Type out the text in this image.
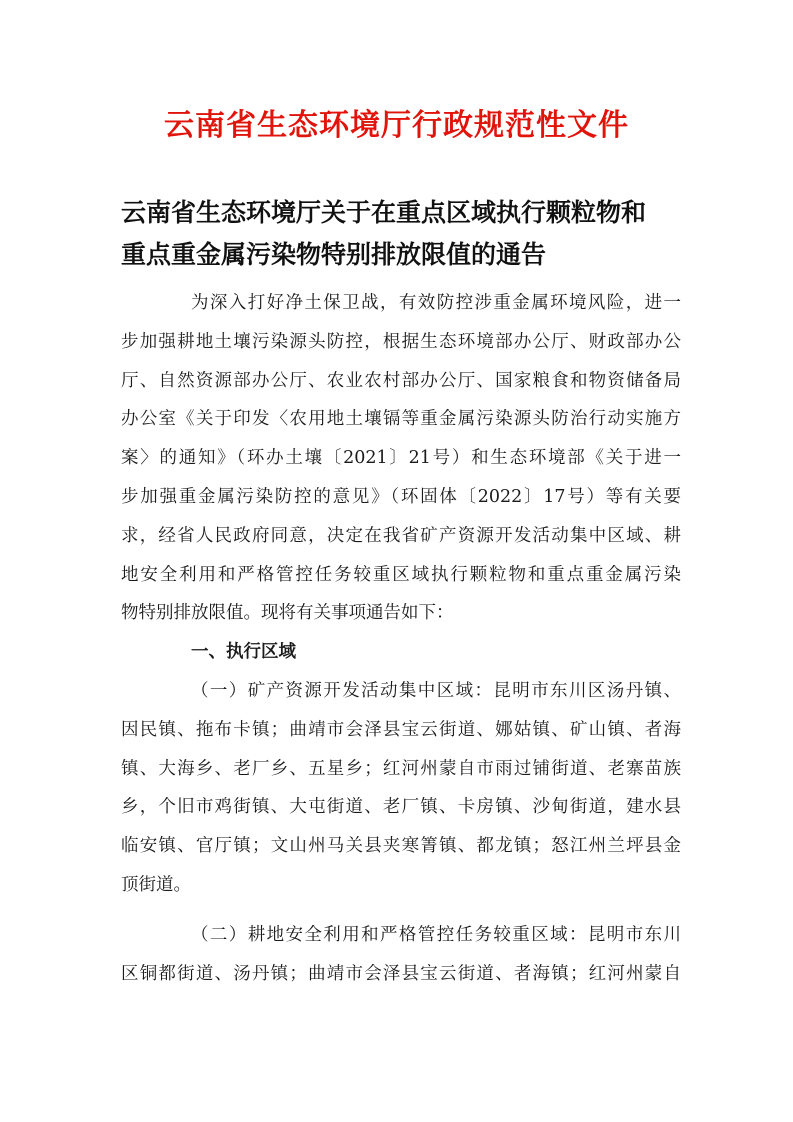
云南省生态环境厅行政规范性文件
云南省生态环境厅关于在重点区域执行颗粒物和
重点重金属污染物特别排放限值的通告
为深入打好净土保卫战，有效防控涉重金属环境风险，进一
步加强耕地土壤污染源头防控，根据生态环境部办公厅、财政部办公
厅、自然资源部办公厅、农业农村部办公厅、国家粮食和物资储备局
办公室《关于印发〈农用地土壤镉等重金属污染源头防治行动实施方
案〉的通知》（环办土壤〔2021〕21号）和生态环境部《关于进一
步加强重金属污染防控的意见》（环固体〔2022〕17号）等有关要
求，经省人民政府同意，决定在我省矿产资源开发活动集中区域、耕
地安全利用和严格管控任务较重区域执行颗粒物和重点重金属污染
物特别排放限值。现将有关事项通告如下：
一、执行区域
（一）矿产资源开发活动集中区域：昆明市东川区汤丹镇、
因民镇、拖布卡镇；曲靖市会泽县宝云街道、娜姑镇、矿山镇、者海
镇、大海乡、老厂乡、五星乡；红河州蒙自市雨过铺街道、老寨苗族
乡，个旧市鸡街镇、大屯街道、老厂镇、卡房镇、沙甸街道，建水县
临安镇、官厅镇；文山州马关县夹寒箐镇、都龙镇；怒江州兰坪县金
顶街道。
（二）耕地安全利用和严格管控任务较重区域：昆明市东川
区铜都街道、汤丹镇；曲靖市会泽县宝云街道、者海镇；红河州蒙自
